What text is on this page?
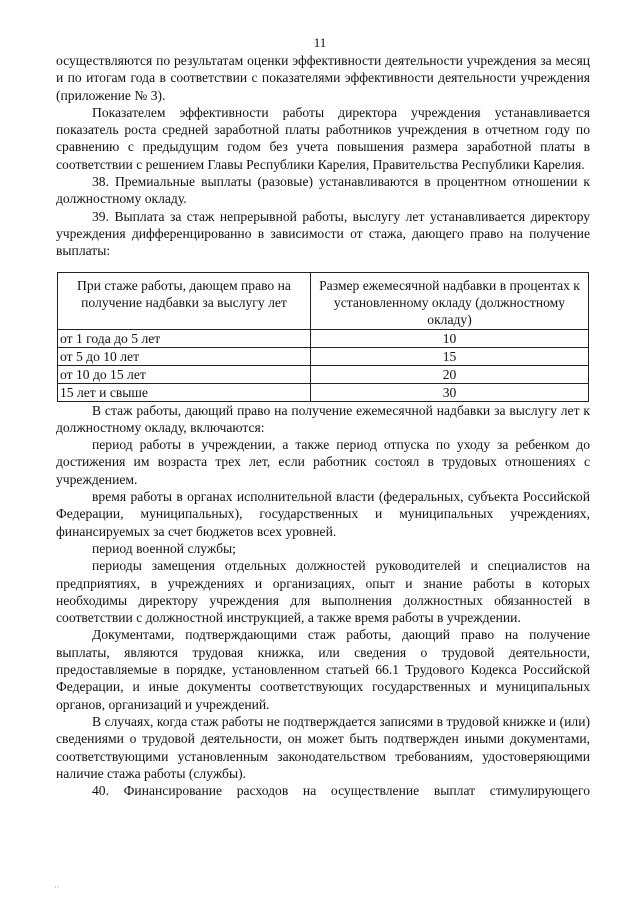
11

осуществляются по результатам оценки эффективности деятельности учреждения за месяц и по итогам года в соответствии с показателями эффективности деятельности учреждения (приложение № 3).

Показателем эффективности работы директора учреждения устанавливается показатель роста средней заработной платы работников учреждения в отчетном году по сравнению с предыдущим годом без учета повышения размера заработной платы в соответствии с решением Главы Республики Карелия, Правительства Республики Карелия.

38. Премиальные выплаты (разовые) устанавливаются в процентном отношении к должностному окладу.

39. Выплата за стаж непрерывной работы, выслугу лет устанавливается директору учреждения дифференцированно в зависимости от стажа, дающего право на получение выплаты:

При стаже работы, дающем право на получение надбавки за выслугу лет	Размер ежемесячной надбавки в процентах к установленному окладу (должностному окладу)
от 1 года до 5 лет	10
от 5 до 10 лет	15
от 10 до 15 лет	20
15 лет и свыше	30

В стаж работы, дающий право на получение ежемесячной надбавки за выслугу лет к должностному окладу, включаются:

период работы в учреждении, а также период отпуска по уходу за ребенком до достижения им возраста трех лет, если работник состоял в трудовых отношениях с учреждением.

время работы в органах исполнительной власти (федеральных, субъекта Российской Федерации, муниципальных), государственных и муниципальных учреждениях, финансируемых за счет бюджетов всех уровней.

период военной службы;

периоды замещения отдельных должностей руководителей и специалистов на предприятиях, в учреждениях и организациях, опыт и знание работы в которых необходимы директору учреждения для выполнения должностных обязанностей в соответствии с должностной инструкцией, а также время работы в учреждении.

Документами, подтверждающими стаж работы, дающий право на получение выплаты, являются трудовая книжка, или сведения о трудовой деятельности, предоставляемые в порядке, установленном статьей 66.1 Трудового Кодекса Российской Федерации, и иные документы соответствующих государственных и муниципальных органов, организаций и учреждений.

В случаях, когда стаж работы не подтверждается записями в трудовой книжке и (или) сведениями о трудовой деятельности, он может быть подтвержден иными документами, соответствующими установленным законодательством требованиям, удостоверяющими наличие стажа работы (службы).

40. Финансирование расходов на осуществление выплат стимулирующего

··
